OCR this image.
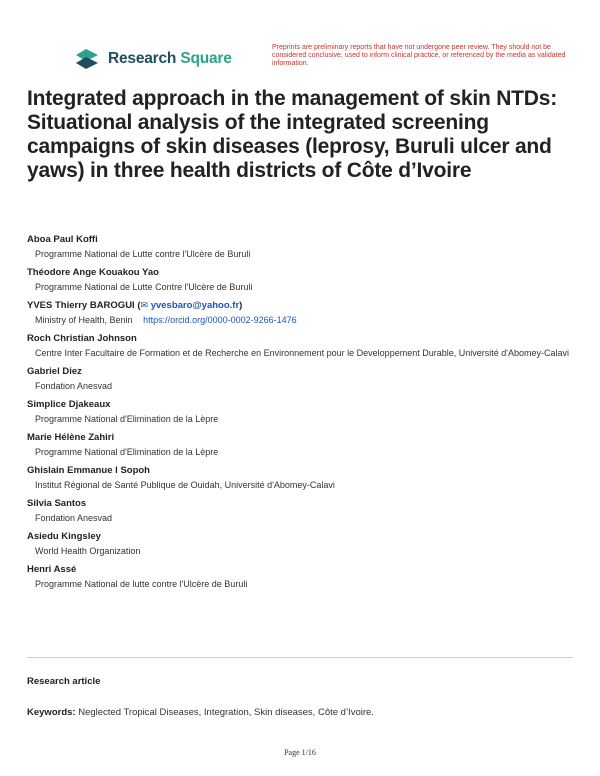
Research Square
Preprints are preliminary reports that have not undergone peer review. They should not be considered conclusive, used to inform clinical practice, or referenced by the media as validated information.
Integrated approach in the management of skin NTDs: Situational analysis of the integrated screening campaigns of skin diseases (leprosy, Buruli ulcer and yaws) in three health districts of Côte d’Ivoire
Aboa Paul Koffi
Programme National de Lutte contre l'Ulcère de Buruli
Théodore Ange Kouakou Yao
Programme National de Lutte Contre l'Ulcère de Buruli
YVES Thierry BAROGUI (✉ yvesbaro@yahoo.fr)
Ministry of Health, Benin https://orcid.org/0000-0002-9266-1476
Roch Christian Johnson
Centre Inter Facultaire de Formation et de Recherche en Environnement pour le Developpement Durable, Université d'Abomey-Calavi
Gabriel Diez
Fondation Anesvad
Simplice Djakeaux
Programme National d'Elimination de la Lèpre
Marie Hélène Zahiri
Programme National d'Elimination de la Lèpre
Ghislain Emmanue l Sopoh
Institut Régional de Santé Publique de Ouidah, Université d'Abomey-Calavi
Silvia Santos
Fondation Anesvad
Asiedu Kingsley
World Health Organization
Henri Assé
Programme National de lutte contre l'Ulcère de Buruli
Research article
Keywords: Neglected Tropical Diseases, Integration, Skin diseases, Côte d’Ivoire.
Page 1/16
